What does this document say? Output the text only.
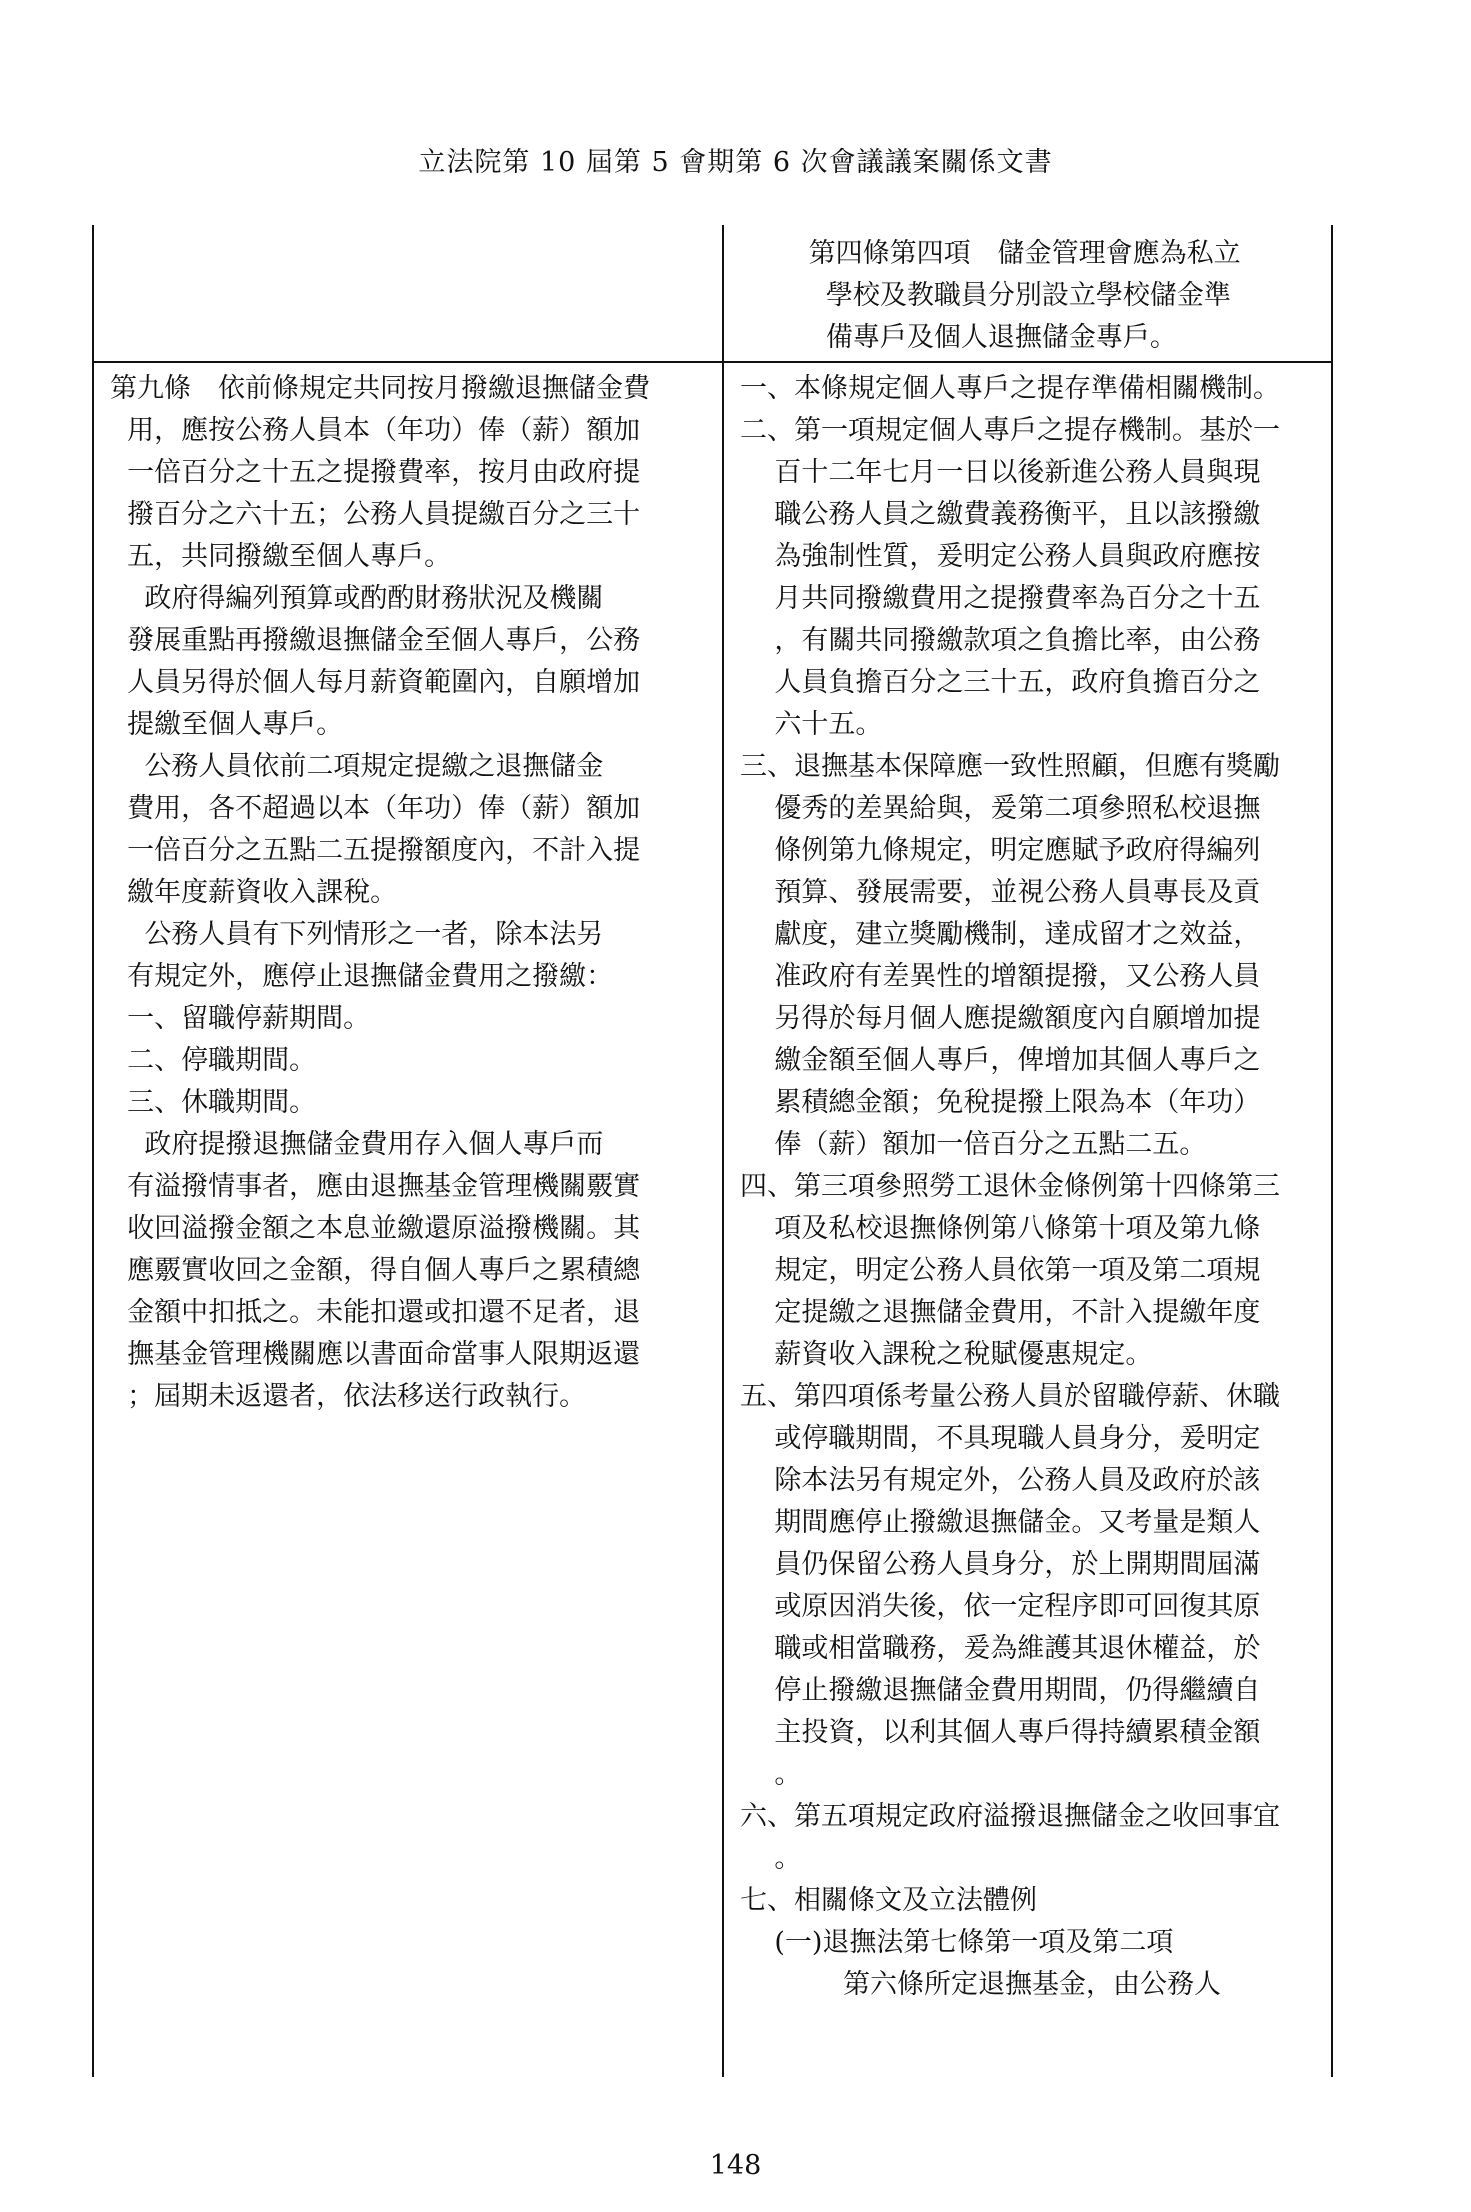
立法院第 10 屆第 5 會期第 6 次會議議案關係文書
第四條第四項　儲金管理會應為私立
學校及教職員分別設立學校儲金準
備專戶及個人退撫儲金專戶。
第九條　依前條規定共同按月撥繳退撫儲金費
用，應按公務人員本（年功）俸（薪）額加
一倍百分之十五之提撥費率，按月由政府提
撥百分之六十五；公務人員提繳百分之三十
五，共同撥繳至個人專戶。
政府得編列預算或酌酌財務狀況及機關
發展重點再撥繳退撫儲金至個人專戶，公務
人員另得於個人每月薪資範圍內，自願增加
提繳至個人專戶。
公務人員依前二項規定提繳之退撫儲金
費用，各不超過以本（年功）俸（薪）額加
一倍百分之五點二五提撥額度內，不計入提
繳年度薪資收入課稅。
公務人員有下列情形之一者，除本法另
有規定外，應停止退撫儲金費用之撥繳：
一、留職停薪期間。
二、停職期間。
三、休職期間。
政府提撥退撫儲金費用存入個人專戶而
有溢撥情事者，應由退撫基金管理機關覈實
收回溢撥金額之本息並繳還原溢撥機關。其
應覈實收回之金額，得自個人專戶之累積總
金額中扣抵之。未能扣還或扣還不足者，退
撫基金管理機關應以書面命當事人限期返還
；屆期未返還者，依法移送行政執行。
一、本條規定個人專戶之提存準備相關機制。
二、第一項規定個人專戶之提存機制。基於一
百十二年七月一日以後新進公務人員與現
職公務人員之繳費義務衡平，且以該撥繳
為強制性質，爰明定公務人員與政府應按
月共同撥繳費用之提撥費率為百分之十五
，有關共同撥繳款項之負擔比率，由公務
人員負擔百分之三十五，政府負擔百分之
六十五。
三、退撫基本保障應一致性照顧，但應有獎勵
優秀的差異給與，爰第二項參照私校退撫
條例第九條規定，明定應賦予政府得編列
預算、發展需要，並視公務人員專長及貢
獻度，建立獎勵機制，達成留才之效益，
准政府有差異性的增額提撥，又公務人員
另得於每月個人應提繳額度內自願增加提
繳金額至個人專戶，俾增加其個人專戶之
累積總金額；免稅提撥上限為本（年功）
俸（薪）額加一倍百分之五點二五。
四、第三項參照勞工退休金條例第十四條第三
項及私校退撫條例第八條第十項及第九條
規定，明定公務人員依第一項及第二項規
定提繳之退撫儲金費用，不計入提繳年度
薪資收入課稅之稅賦優惠規定。
五、第四項係考量公務人員於留職停薪、休職
或停職期間，不具現職人員身分，爰明定
除本法另有規定外，公務人員及政府於該
期間應停止撥繳退撫儲金。又考量是類人
員仍保留公務人員身分，於上開期間屆滿
或原因消失後，依一定程序即可回復其原
職或相當職務，爰為維護其退休權益，於
停止撥繳退撫儲金費用期間，仍得繼續自
主投資，以利其個人專戶得持續累積金額
。
六、第五項規定政府溢撥退撫儲金之收回事宜
。
七、相關條文及立法體例
(一)退撫法第七條第一項及第二項
第六條所定退撫基金，由公務人
148
